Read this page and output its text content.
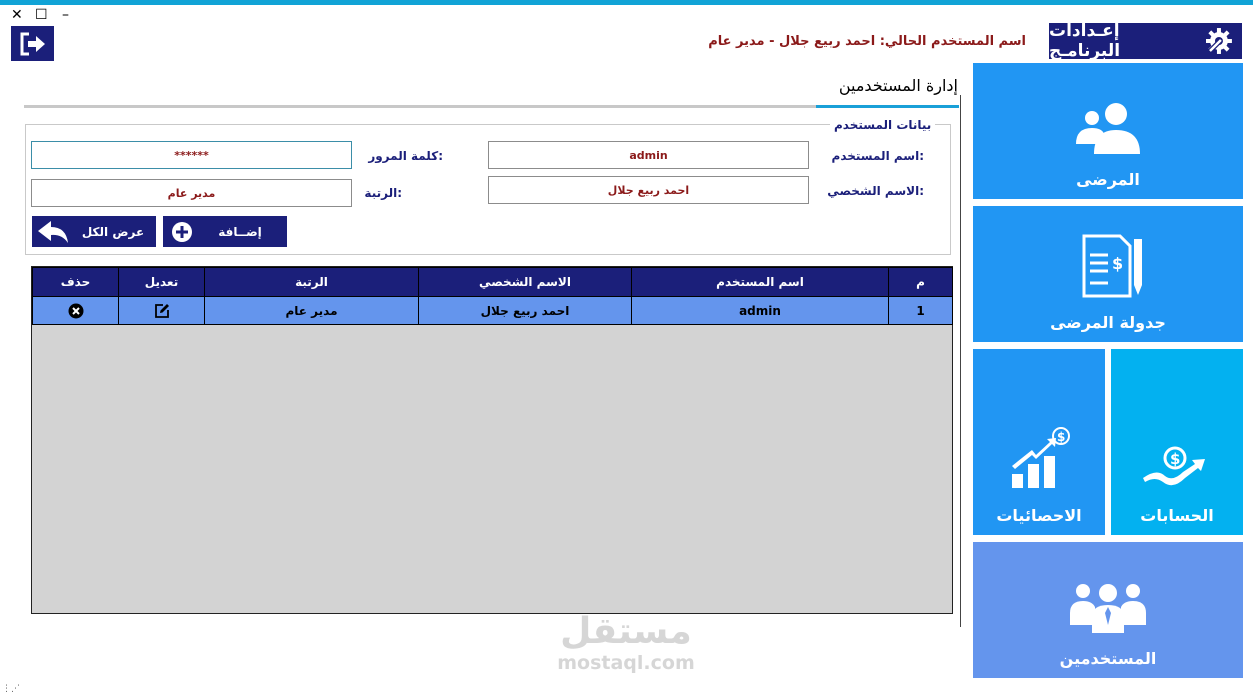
✕ ☐ –
اسم المستخدم الحالي: احمد ربيع جلال - مدير عام
إعـدادات البرنامـج
المرضى
$
جدولة المرضى
$
الاحصائيات
$
الحسابات
المستخدمين
إدارة المستخدمين
بيانات المستخدم
اسم المستخدم:
admin
كلمة المرور:
******
الاسم الشخصي:
احمد ربيع جلال
الرتبة:
مدير عام
إضــافة
عرض الكل
م	اسم المستخدم	الاسم الشخصي	الرتبة	تعديل	حذف
1	admin	احمد ربيع جلال	مدير عام		
مستقل
mostaql.com
⋮⋰
